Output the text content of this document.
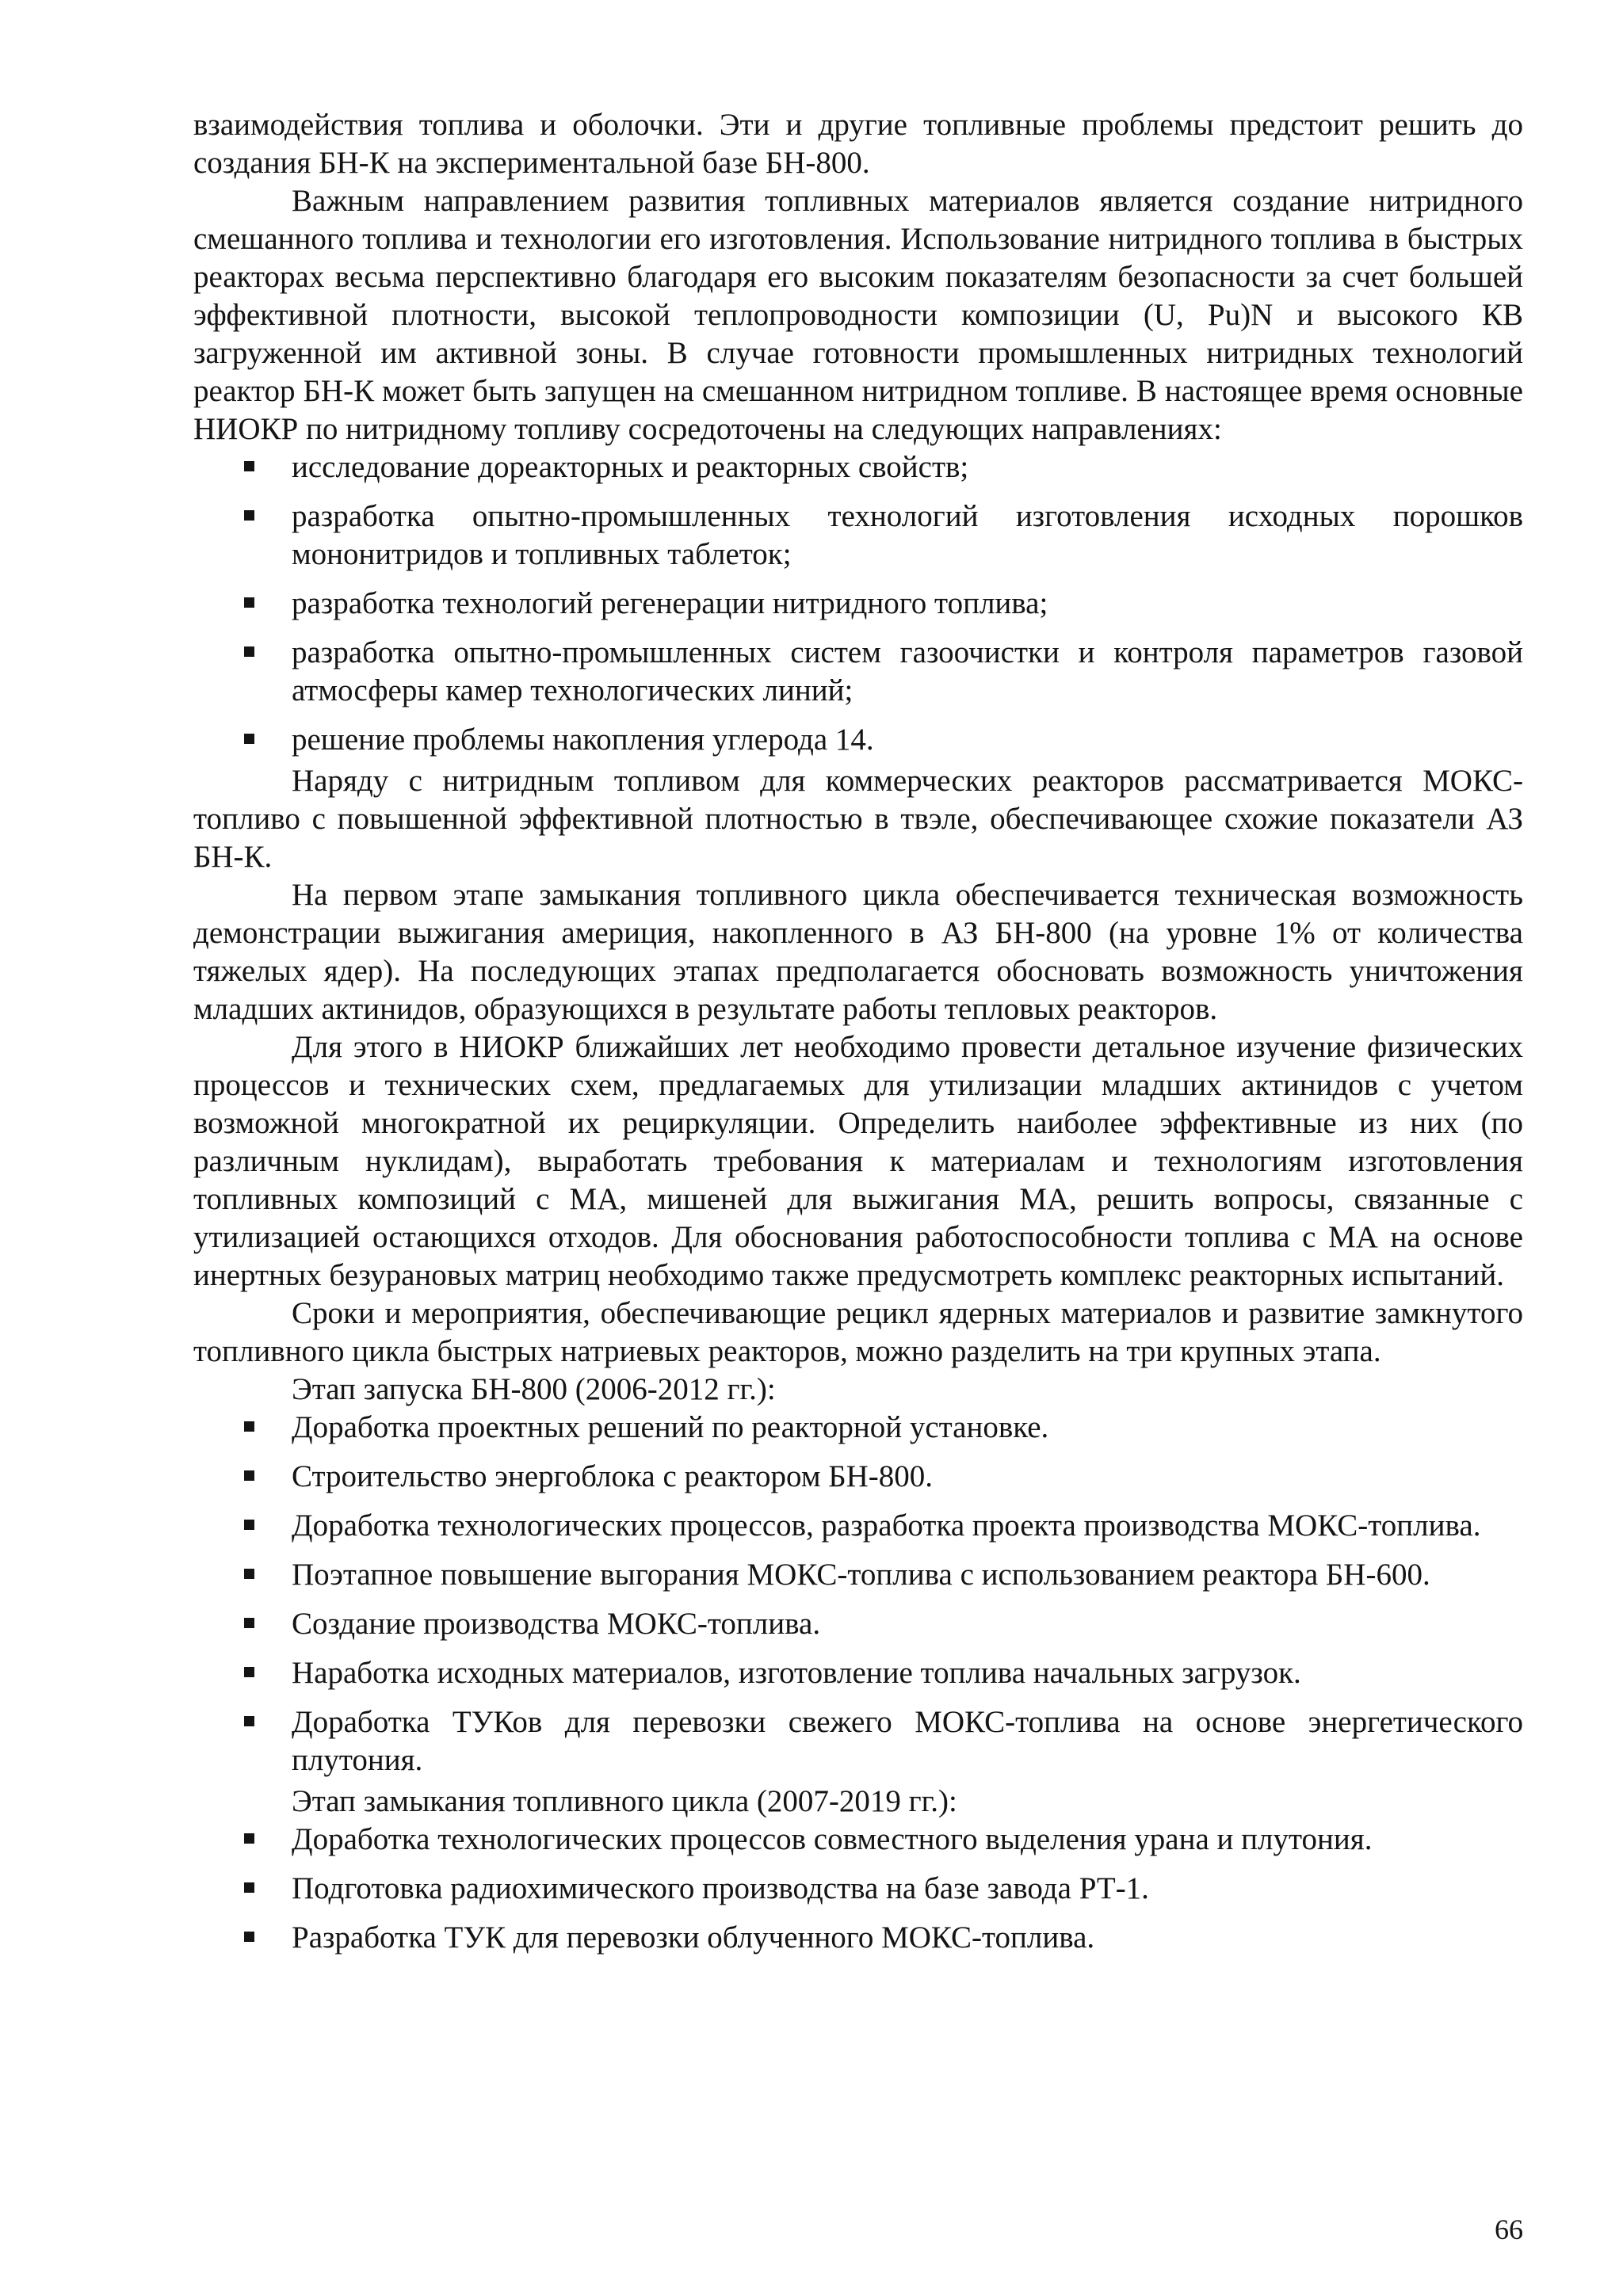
взаимодействия топлива и оболочки. Эти и другие топливные проблемы предстоит решить до создания БН-К на экспериментальной базе БН-800.

Важным направлением развития топливных материалов является создание нитридного смешанного топлива и технологии его изготовления. Использование нитридного топлива в быстрых реакторах весьма перспективно благодаря его высоким показателям безопасности за счет большей эффективной плотности, высокой теплопроводности композиции (U, Pu)N и высокого КВ загруженной им активной зоны. В случае готовности промышленных нитридных технологий реактор БН-К может быть запущен на смешанном нитридном топливе. В настоящее время основные НИОКР по нитридному топливу сосредоточены на следующих направлениях:

исследование дореакторных и реакторных свойств;
разработка опытно-промышленных технологий изготовления исходных порошков мононитридов и топливных таблеток;
разработка технологий регенерации нитридного топлива;
разработка опытно-промышленных систем газоочистки и контроля параметров газовой атмосферы камер технологических линий;
решение проблемы накопления углерода 14.

Наряду с нитридным топливом для коммерческих реакторов рассматривается МОКС-топливо с повышенной эффективной плотностью в твэле, обеспечивающее схожие показатели АЗ БН-К.

На первом этапе замыкания топливного цикла обеспечивается техническая возможность демонстрации выжигания америция, накопленного в АЗ БН-800 (на уровне 1% от количества тяжелых ядер). На последующих этапах предполагается обосновать возможность уничтожения младших актинидов, образующихся в результате работы тепловых реакторов.

Для этого в НИОКР ближайших лет необходимо провести детальное изучение физических процессов и технических схем, предлагаемых для утилизации младших актинидов с учетом возможной многократной их рециркуляции. Определить наиболее эффективные из них (по различным нуклидам), выработать требования к материалам и технологиям изготовления топливных композиций с МА, мишеней для выжигания МА, решить вопросы, связанные с утилизацией остающихся отходов. Для обоснования работоспособности топлива с МА на основе инертных безурановых матриц необходимо также предусмотреть комплекс реакторных испытаний.

Сроки и мероприятия, обеспечивающие рецикл ядерных материалов и развитие замкнутого топливного цикла быстрых натриевых реакторов, можно разделить на три крупных этапа.

Этап запуска БН-800 (2006-2012 гг.):

Доработка проектных решений по реакторной установке.
Строительство энергоблока с реактором БН-800.
Доработка технологических процессов, разработка проекта производства МОКС-топлива.
Поэтапное повышение выгорания МОКС-топлива с использованием реактора БН-600.
Создание производства МОКС-топлива.
Наработка исходных материалов, изготовление топлива начальных загрузок.
Доработка ТУКов для перевозки свежего МОКС-топлива на основе энергетического плутония.

Этап замыкания топливного цикла (2007-2019 гг.):

Доработка технологических процессов совместного выделения урана и плутония.
Подготовка радиохимического производства на базе завода РТ-1.
Разработка ТУК для перевозки облученного МОКС-топлива.
66
